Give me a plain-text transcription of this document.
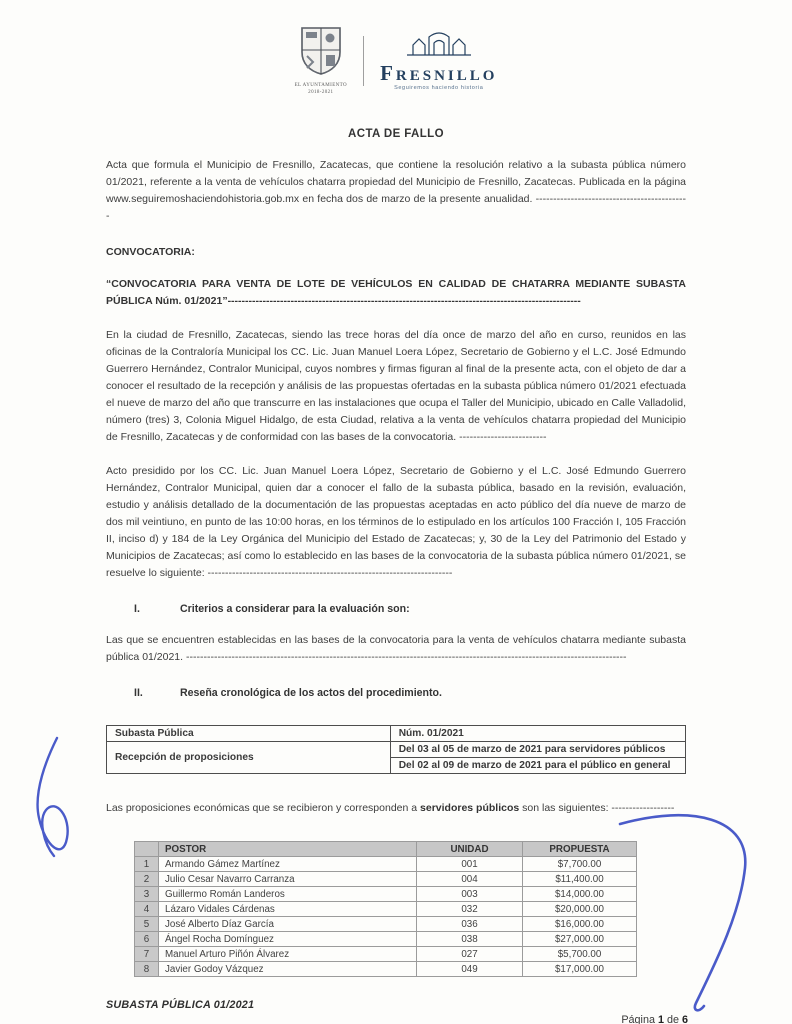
EL AYUNTAMIENTO
2018-2021
Fresnillo
Seguiremos haciendo historia
ACTA DE FALLO

Acta que formula el Municipio de Fresnillo, Zacatecas, que contiene la resolución relativo a la subasta pública número 01/2021, referente a la venta de vehículos chatarra propiedad del Municipio de Fresnillo, Zacatecas. Publicada en la página www.seguiremoshaciendohistoria.gob.mx en fecha dos de marzo de la presente anualidad. --------------------------------------------

CONVOCATORIA:

“CONVOCATORIA PARA VENTA DE LOTE DE VEHÍCULOS EN CALIDAD DE CHATARRA MEDIANTE SUBASTA PÚBLICA Núm. 01/2021”-----------------------------------------------------------------------------------------------------

En la ciudad de Fresnillo, Zacatecas, siendo las trece horas del día once de marzo del año en curso, reunidos en las oficinas de la Contraloría Municipal los CC. Lic. Juan Manuel Loera López, Secretario de Gobierno y el L.C. José Edmundo Guerrero Hernández, Contralor Municipal, cuyos nombres y firmas figuran al final de la presente acta, con el objeto de dar a conocer el resultado de la recepción y análisis de las propuestas ofertadas en la subasta pública número 01/2021 efectuada el nueve de marzo del año que transcurre en las instalaciones que ocupa el Taller del Municipio, ubicado en Calle Valladolid, número (tres) 3, Colonia Miguel Hidalgo, de esta Ciudad, relativa a la venta de vehículos chatarra propiedad del Municipio de Fresnillo, Zacatecas y de conformidad con las bases de la convocatoria. -------------------------

Acto presidido por los CC. Lic. Juan Manuel Loera López, Secretario de Gobierno y el L.C. José Edmundo Guerrero Hernández, Contralor Municipal, quien dar a conocer el fallo de la subasta pública, basado en la revisión, evaluación, estudio y análisis detallado de la documentación de las propuestas aceptadas en acto público del día nueve de marzo de dos mil veintiuno, en punto de las 10:00 horas, en los términos de lo estipulado en los artículos 100 Fracción I, 105 Fracción II, inciso d) y 184 de la Ley Orgánica del Municipio del Estado de Zacatecas; y, 30 de la Ley del Patrimonio del Estado y Municipios de Zacatecas; así como lo establecido en las bases de la convocatoria de la subasta pública número 01/2021, se resuelve lo siguiente: ----------------------------------------------------------------------

I.	Criterios a considerar para la evaluación son:

Las que se encuentren establecidas en las bases de la convocatoria para la venta de vehículos chatarra mediante subasta pública 01/2021. ------------------------------------------------------------------------------------------------------------------------------

II.	Reseña cronológica de los actos del procedimiento.
Subasta Pública	Núm. 01/2021
Recepción de proposiciones	Del 03 al 05 de marzo de 2021 para servidores públicos
	Del 02 al 09 de marzo de 2021 para el público en general

Las proposiciones económicas que se recibieron y corresponden a servidores públicos son las siguientes: ------------------

	POSTOR	UNIDAD	PROPUESTA
1	Armando Gámez Martínez	001	$7,700.00
2	Julio Cesar Navarro Carranza	004	$11,400.00
3	Guillermo Román Landeros	003	$14,000.00
4	Lázaro Vidales Cárdenas	032	$20,000.00
5	José Alberto Díaz García	036	$16,000.00
6	Ángel Rocha Domínguez	038	$27,000.00
7	Manuel Arturo Piñón Álvarez	027	$5,700.00
8	Javier Godoy Vázquez	049	$17,000.00
SUBASTA PÚBLICA 01/2021
Página 1 de 6
